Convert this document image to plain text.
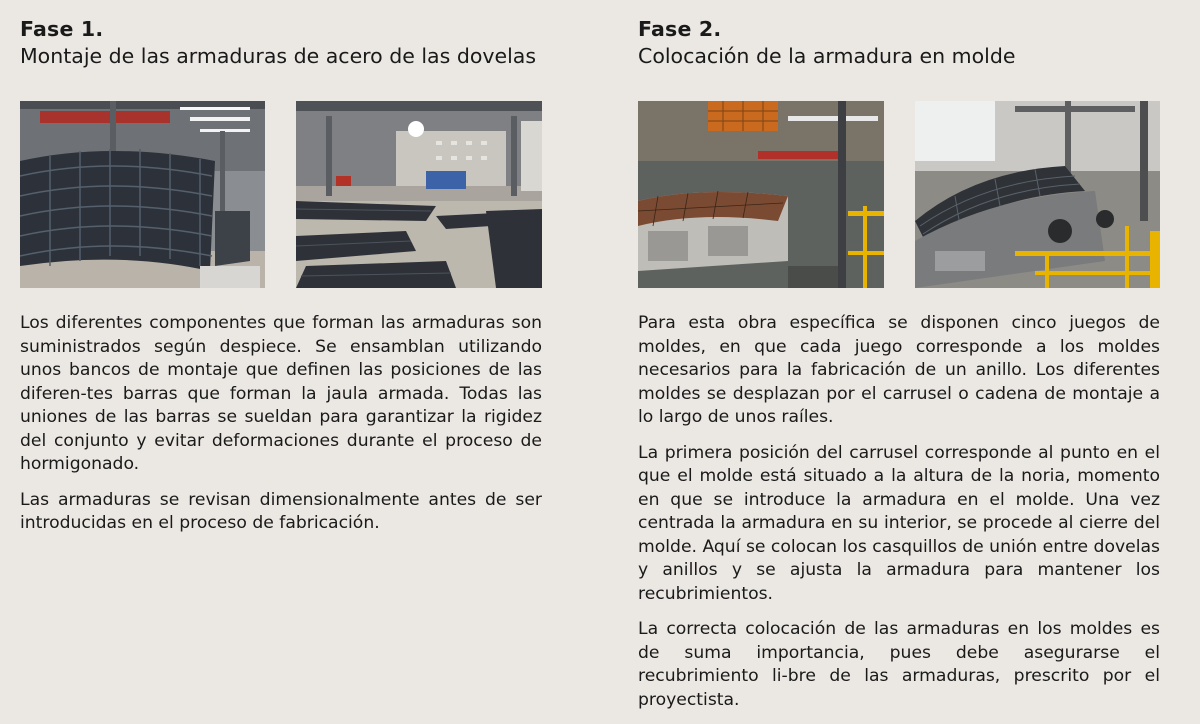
Fase 1.
Montaje de las armaduras de acero de las dovelas

Los diferentes componentes que forman las armaduras son suministrados según despiece. Se ensamblan utilizando unos bancos de montaje que definen las posiciones de las diferen-tes barras que forman la jaula armada. Todas las uniones de las barras se sueldan para garantizar la rigidez del conjunto y evitar deformaciones durante el proceso de hormigonado.

Las armaduras se revisan dimensionalmente antes de ser introducidas en el proceso de fabricación.

Fase 2.
Colocación de la armadura en molde

Para esta obra específica se disponen cinco juegos de moldes, en que cada juego corresponde a los moldes necesarios para la fabricación de un anillo. Los diferentes moldes se desplazan por el carrusel o cadena de montaje a lo largo de unos raíles.

La primera posición del carrusel corresponde al punto en el que el molde está situado a la altura de la noria, momento en que se introduce la armadura en el molde. Una vez centrada la armadura en su interior, se procede al cierre del molde. Aquí se colocan los casquillos de unión entre dovelas y anillos y se ajusta la armadura para mantener los recubrimientos.

La correcta colocación de las armaduras en los moldes es de suma importancia, pues debe asegurarse el recubrimiento li-bre de las armaduras, prescrito por el proyectista.
